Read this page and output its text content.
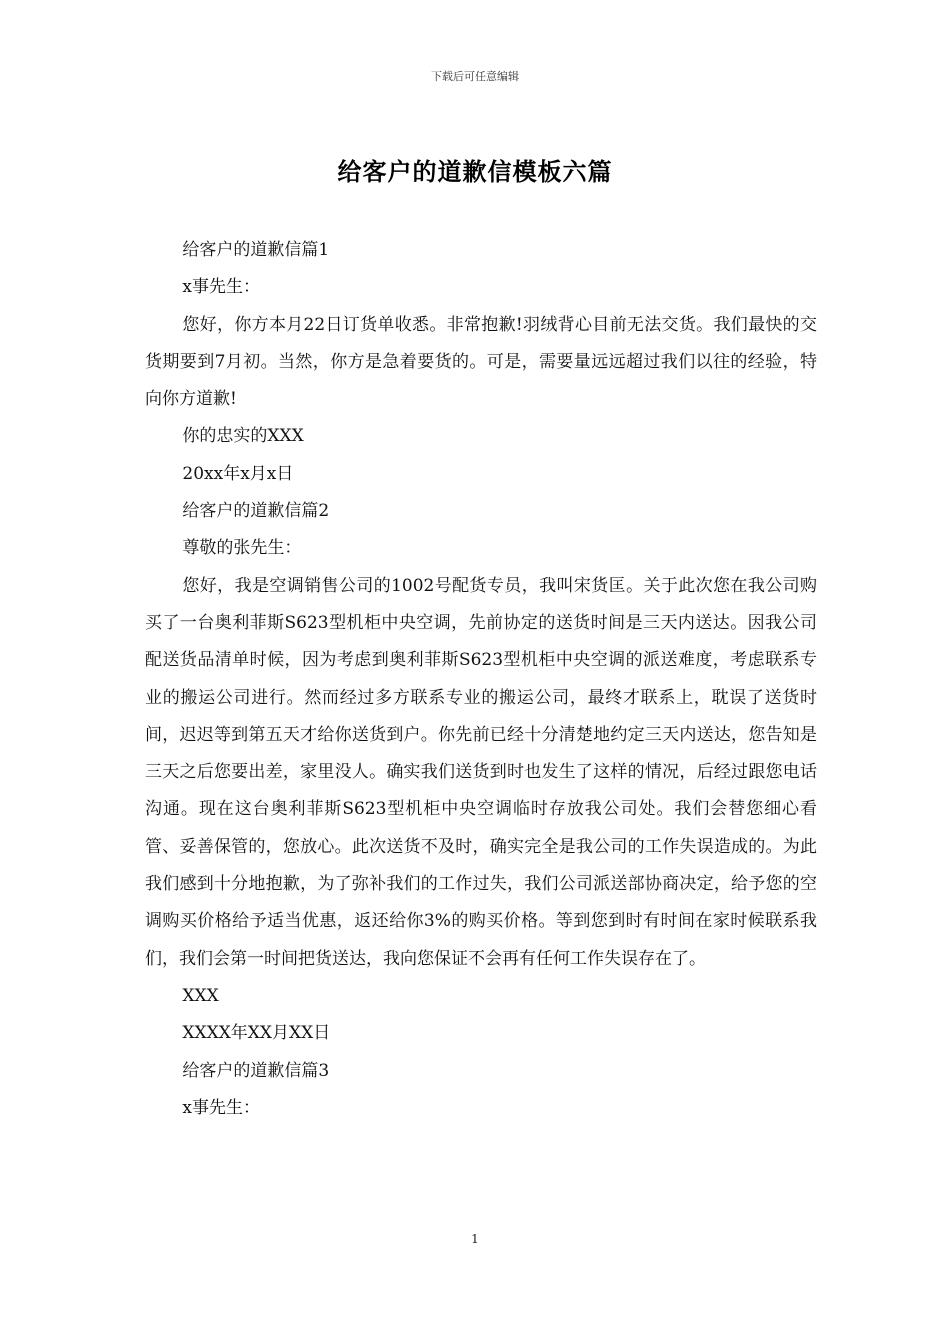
下载后可任意编辑
给客户的道歉信模板六篇

给客户的道歉信篇1

x事先生：

您好，你方本月22日订货单收悉。非常抱歉!羽绒背心目前无法交货。我们最快的交货期要到7月初。当然，你方是急着要货的。可是，需要量远远超过我们以往的经验，特向你方道歉!

你的忠实的XXX

20xx年x月x日

给客户的道歉信篇2

尊敬的张先生：

您好，我是空调销售公司的1002号配货专员，我叫宋货匡。关于此次您在我公司购买了一台奥利菲斯S623型机柜中央空调，先前协定的送货时间是三天内送达。因我公司配送货品清单时候，因为考虑到奥利菲斯S623型机柜中央空调的派送难度，考虑联系专业的搬运公司进行。然而经过多方联系专业的搬运公司，最终才联系上，耽误了送货时间，迟迟等到第五天才给你送货到户。你先前已经十分清楚地约定三天内送达，您告知是三天之后您要出差，家里没人。确实我们送货到时也发生了这样的情况，后经过跟您电话沟通。现在这台奥利菲斯S623型机柜中央空调临时存放我公司处。我们会替您细心看管、妥善保管的，您放心。此次送货不及时，确实完全是我公司的工作失误造成的。为此我们感到十分地抱歉，为了弥补我们的工作过失，我们公司派送部协商决定，给予您的空调购买价格给予适当优惠，返还给你3%的购买价格。等到您到时有时间在家时候联系我们，我们会第一时间把货送达，我向您保证不会再有任何工作失误存在了。

XXX

XXXX年XX月XX日

给客户的道歉信篇3

x事先生：

1
